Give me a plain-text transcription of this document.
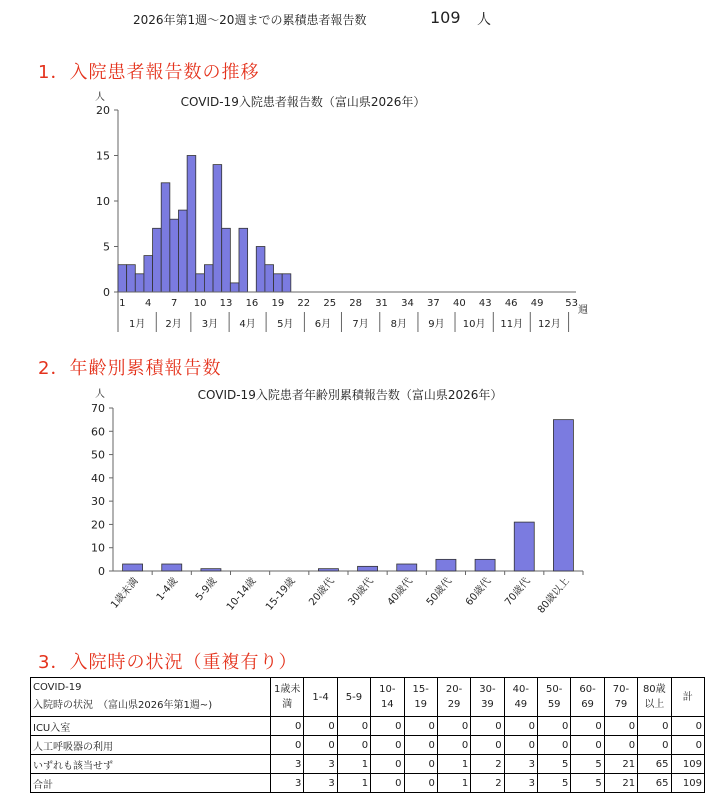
2026年第1週～20週までの累積患者報告数	109 人
1．入院患者報告数の推移
2．年齢別累積報告数
3．入院時の状況（重複有り）
COVID-19入院患者報告数（富山県2026年）
人
0
5
10
15
20
1 4 7 10 13 16 19 22 25 28 31 34 37 40 43 46 49 53
週
1月 2月 3月 4月 5月 6月 7月 8月 9月 10月 11月 12月
COVID-19入院患者年齢別累積報告数（富山県2026年）
人
0
10
20
30
40
50
60
70
1歳未満 1-4歳 5-9歳 10-14歳 15-19歳 20歳代 30歳代 40歳代 50歳代 60歳代 70歳代 80歳以上
COVID-19
入院時の状況　（富山県2026年第1週~)	1歳未満	1-4	5-9	10-14	15-19	20-29	30-39	40-49	50-59	60-69	70-79	80歳以上	計
ICU入室	0	0	0	0	0	0	0	0	0	0	0	0	0
人工呼吸器の利用	0	0	0	0	0	0	0	0	0	0	0	0	0
いずれも該当せず	3	3	1	0	0	1	2	3	5	5	21	65	109
合計	3	3	1	0	0	1	2	3	5	5	21	65	109
